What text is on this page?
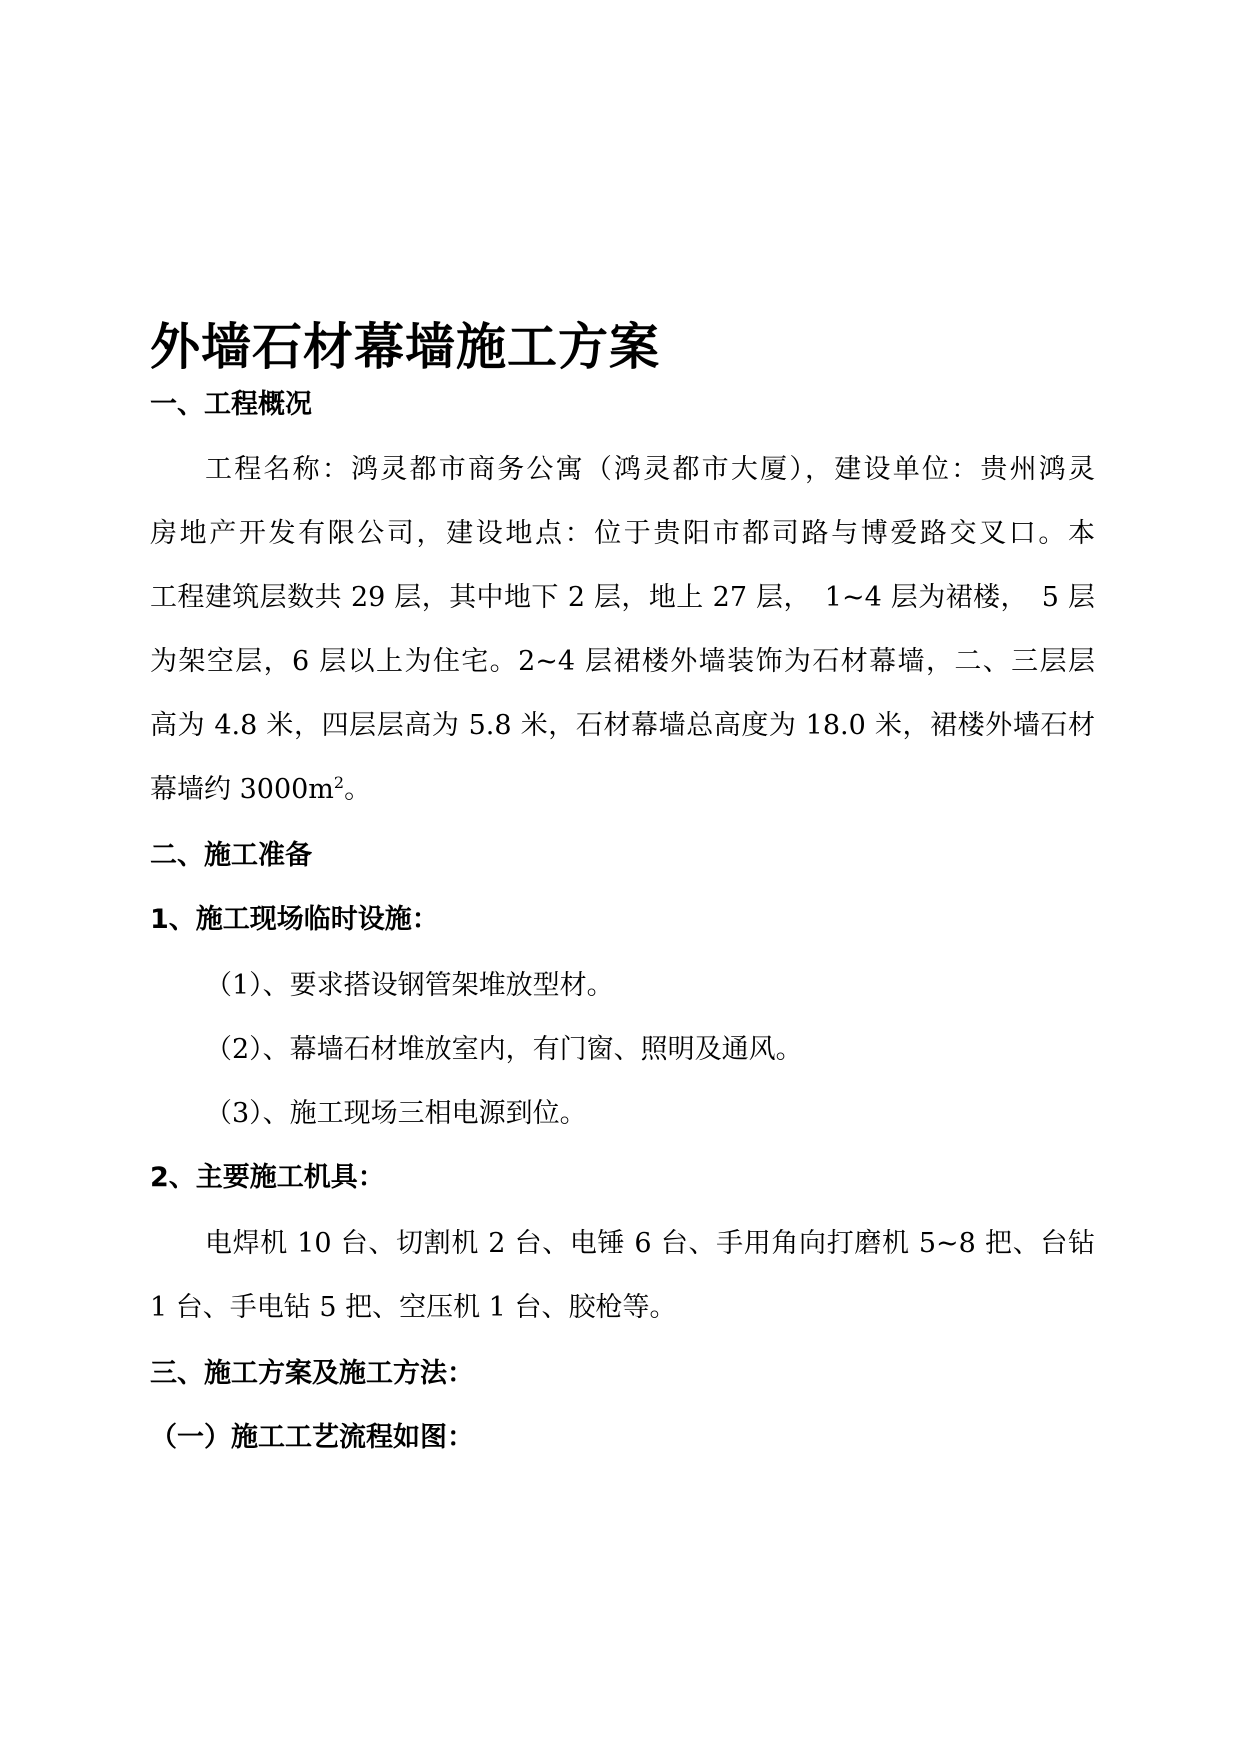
外墙石材幕墙施工方案
一、工程概况

工程名称：鸿灵都市商务公寓（鸿灵都市大厦），建设单位：贵州鸿灵

房地产开发有限公司，建设地点：位于贵阳市都司路与博爱路交叉口。本

工程建筑层数共 29 层，其中地下 2 层，地上 27 层，　1~4 层为裙楼，　5 层

为架空层，6 层以上为住宅。2~4 层裙楼外墙装饰为石材幕墙，二、三层层

高为 4.8 米，四层层高为 5.8 米，石材幕墙总高度为 18.0 米，裙楼外墙石材

幕墙约 $3000m^2$。

二、施工准备
1、施工现场临时设施：

（1）、要求搭设钢管架堆放型材。

（2）、幕墙石材堆放室内，有门窗、照明及通风。

（3）、施工现场三相电源到位。

2、主要施工机具：

电焊机 10 台、切割机 2 台、电锤 6 台、手用角向打磨机 5~8 把、台钻

1 台、手电钻 5 把、空压机 1 台、胶枪等。

三、施工方案及施工方法：
（一）施工工艺流程如图：
